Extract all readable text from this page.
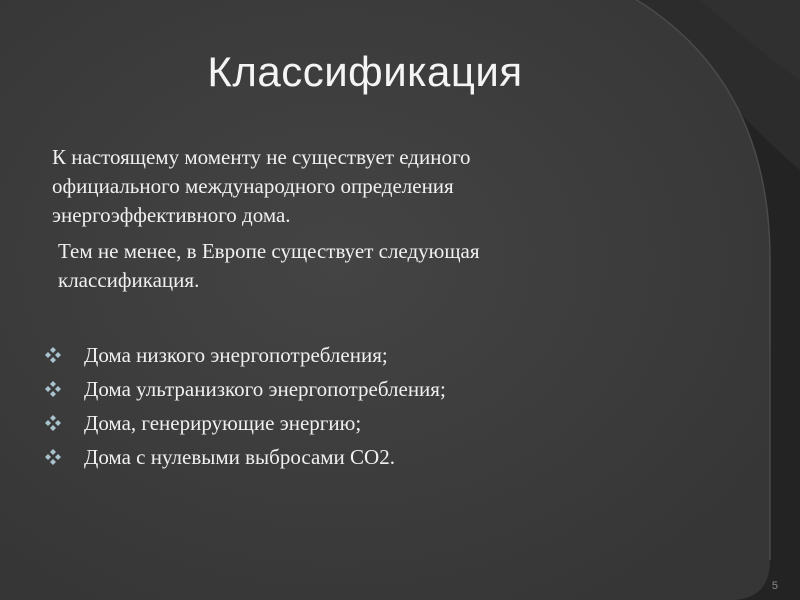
Классификация

К настоящему моменту не существует единого
официального международного определения
энергоэффективного дома.

Тем не менее, в Европе существует следующая
классификация.

Дома низкого энергопотребления;
Дома ультранизкого энергопотребления;
Дома, генерирующие энергию;
Дома с нулевыми выбросами СО2.
5
